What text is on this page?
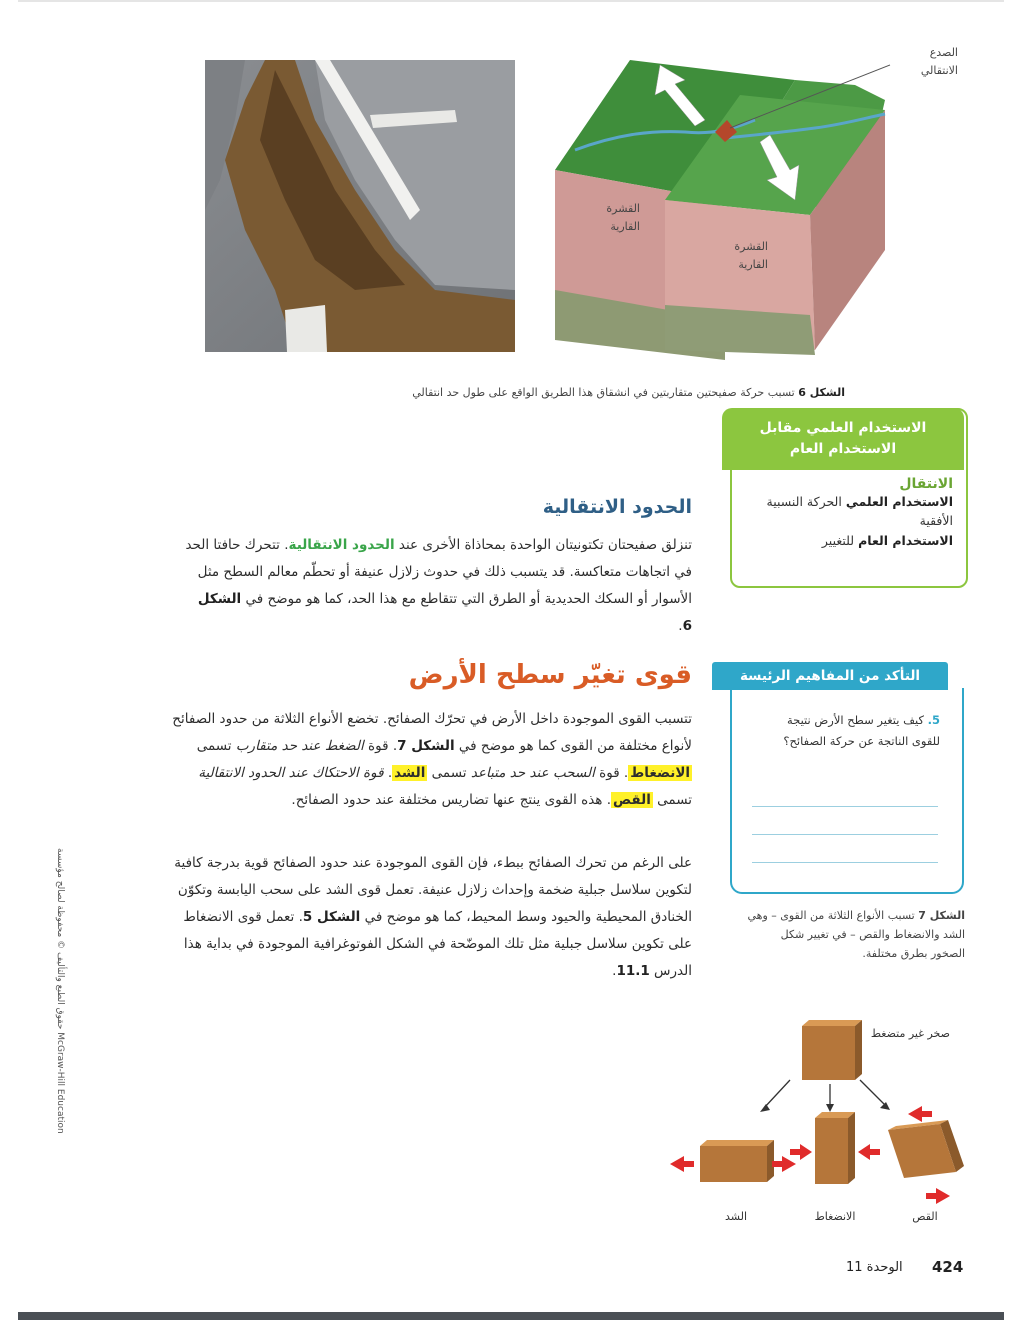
الصدع الانتقالي
القشرة القارية
القشرة القارية
الشكل 6 تسبب حركة صفيحتين متقاربتين في انشقاق هذا الطريق الواقع على طول حد انتقالي
الاستخدام العلمي مقابل
الاستخدام العام
الانتقال
الاستخدام العلمي الحركة النسبية الأفقية
الاستخدام العام للتغيير
الحدود الانتقالية
تنزلق صفيحتان تكتونيتان الواحدة بمحاذاة الأخرى عند الحدود الانتقالية. تتحرك حافتا الحد في اتجاهات متعاكسة. قد يتسبب ذلك في حدوث زلازل عنيفة أو تحطّم معالم السطح مثل الأسوار أو السكك الحديدية أو الطرق التي تتقاطع مع هذا الحد، كما هو موضح في الشكل 6.
قوى تغيّر سطح الأرض
تتسبب القوى الموجودة داخل الأرض في تحرّك الصفائح. تخضع الأنواع الثلاثة من حدود الصفائح لأنواع مختلفة من القوى كما هو موضح في الشكل 7. قوة الضغط عند حد متقارب تسمى الانضغاط. قوة السحب عند حد متباعد تسمى الشد. قوة الاحتكاك عند الحدود الانتقالية تسمى القص. هذه القوى ينتج عنها تضاريس مختلفة عند حدود الصفائح.
على الرغم من تحرك الصفائح ببطء، فإن القوى الموجودة عند حدود الصفائح قوية بدرجة كافية لتكوين سلاسل جبلية ضخمة وإحداث زلازل عنيفة. تعمل قوى الشد على سحب اليابسة وتكوّن الخنادق المحيطية والحيود وسط المحيط، كما هو موضح في الشكل 5. تعمل قوى الانضغاط على تكوين سلاسل جبلية مثل تلك الموضّحة في الشكل الفوتوغرافية الموجودة في بداية هذا الدرس 11.1.
التأكد من المفاهيم الرئيسة
5. كيف يتغير سطح الأرض نتيجة للقوى الناتجة عن حركة الصفائح؟
الشكل 7 تسبب الأنواع الثلاثة من القوى – وهي الشد والانضغاط والقص – في تغيير شكل الصخور بطرق مختلفة.
صخر غير متضغط
الشد	الانضغاط	القص
حقوق الطبع والتأليف © محفوظة لصالح مؤسسة McGraw-Hill Education
الوحدة 11 424
